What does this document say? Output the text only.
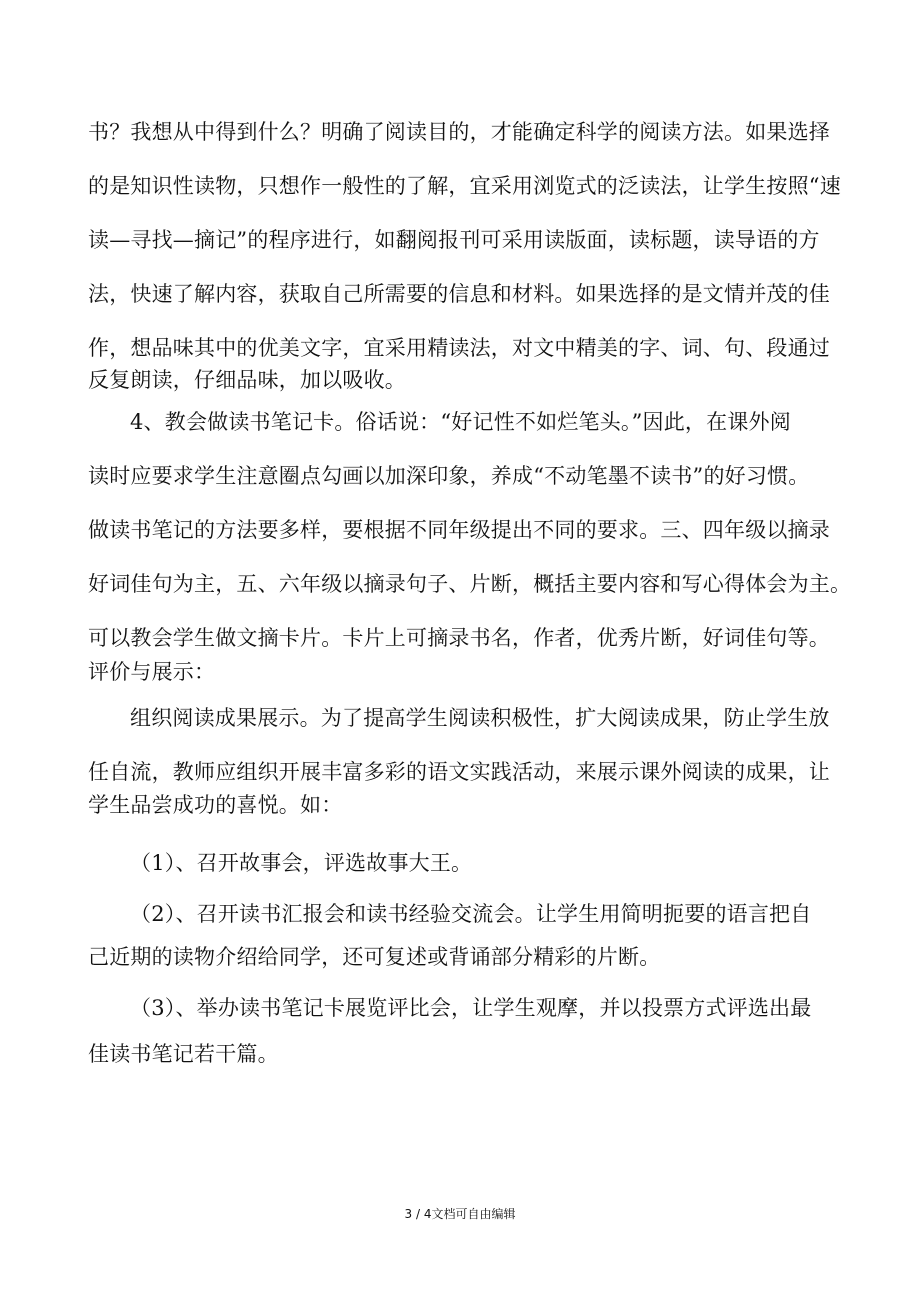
书？我想从中得到什么？明确了阅读目的，才能确定科学的阅读方法。如果选择
的是知识性读物，只想作一般性的了解，宜采用浏览式的泛读法，让学生按照“速
读—寻找—摘记”的程序进行，如翻阅报刊可采用读版面，读标题，读导语的方
法，快速了解内容，获取自己所需要的信息和材料。如果选择的是文情并茂的佳
作，想品味其中的优美文字，宜采用精读法，对文中精美的字、词、句、段通过
反复朗读，仔细品味，加以吸收。
4、教会做读书笔记卡。俗话说：“好记性不如烂笔头。”因此，在课外阅
读时应要求学生注意圈点勾画以加深印象，养成“不动笔墨不读书”的好习惯。
做读书笔记的方法要多样，要根据不同年级提出不同的要求。三、四年级以摘录
好词佳句为主，五、六年级以摘录句子、片断，概括主要内容和写心得体会为主。
可以教会学生做文摘卡片。卡片上可摘录书名，作者，优秀片断，好词佳句等。
评价与展示：
组织阅读成果展示。为了提高学生阅读积极性，扩大阅读成果，防止学生放
任自流，教师应组织开展丰富多彩的语文实践活动，来展示课外阅读的成果，让
学生品尝成功的喜悦。如：
（1）、召开故事会，评选故事大王。
（2）、召开读书汇报会和读书经验交流会。让学生用简明扼要的语言把自
己近期的读物介绍给同学，还可复述或背诵部分精彩的片断。
（3）、举办读书笔记卡展览评比会，让学生观摩，并以投票方式评选出最
佳读书笔记若干篇。
3 / 4文档可自由编辑
